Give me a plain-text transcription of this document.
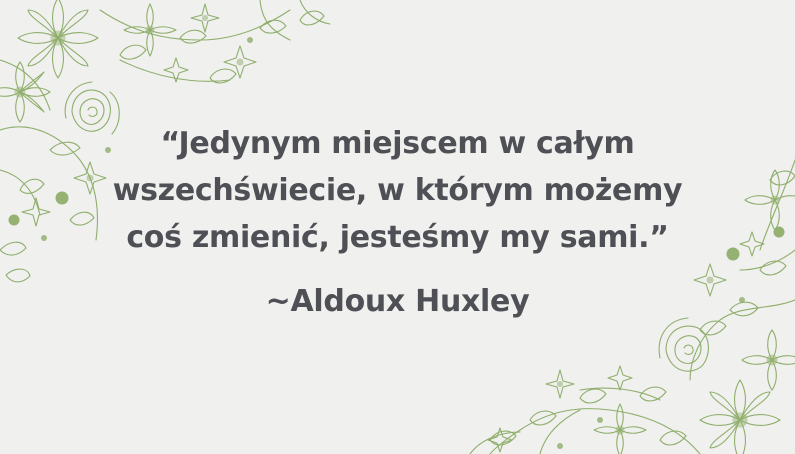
“Jedynym miejscem w całym
wszechświecie, w którym możemy
coś zmienić, jesteśmy my sami.”
~Aldoux Huxley
